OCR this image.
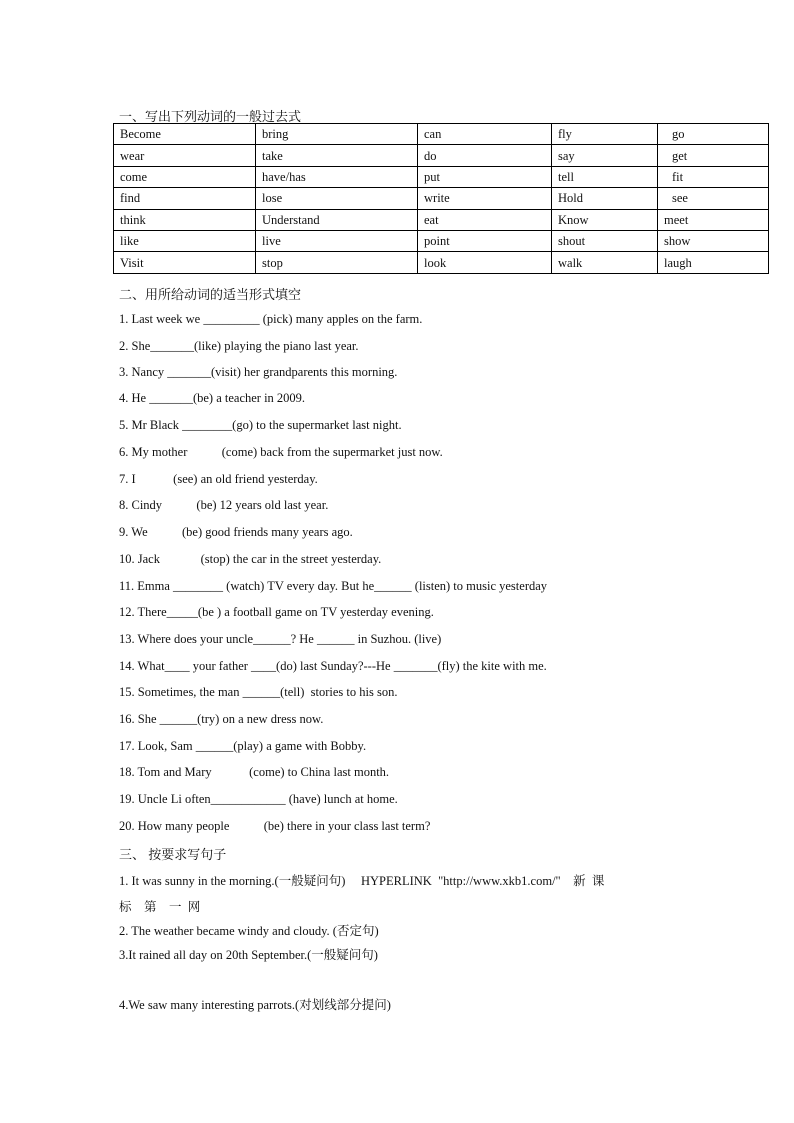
一、写出下列动词的一般过去式
Become	bring	can	fly	go
wear	take	do	say	get
come	have/has	put	tell	fit
find	lose	write	Hold	see
think	Understand	eat	Know	meet
like	live	point	shout	show
Visit	stop	look	walk	laugh
二、用所给动词的适当形式填空
1. Last week we _________ (pick) many apples on the farm.
2. She_______(like) playing the piano last year.
3. Nancy _______(visit) her grandparents this morning.
4. He _______(be) a teacher in 2009.
5. Mr Black ________(go) to the supermarket last night.
6. My mother           (come) back from the supermarket just now.
7. I            (see) an old friend yesterday.
8. Cindy           (be) 12 years old last year.
9. We           (be) good friends many years ago.
10. Jack             (stop) the car in the street yesterday.
11. Emma ________ (watch) TV every day. But he______ (listen) to music yesterday
12. There_____(be ) a football game on TV yesterday evening.
13. Where does your uncle______? He ______ in Suzhou. (live)
14. What____ your father ____(do) last Sunday?---He _______(fly) the kite with me.
15. Sometimes, the man ______(tell)  stories to his son.
16. She ______(try) on a new dress now.
17. Look, Sam ______(play) a game with Bobby.
18. Tom and Mary            (come) to China last month.
19. Uncle Li often____________ (have) lunch at home.
20. How many people           (be) there in your class last term?
三、 按要求写句子
1. It was sunny in the morning.(一般疑问句)     HYPERLINK  "http://www.xkb1.com/"    新  课
标    第    一  网
2. The weather became windy and cloudy. (否定句)
3.It rained all day on 20th September.(一般疑问句)
4.We saw many interesting parrots.(对划线部分提问)
